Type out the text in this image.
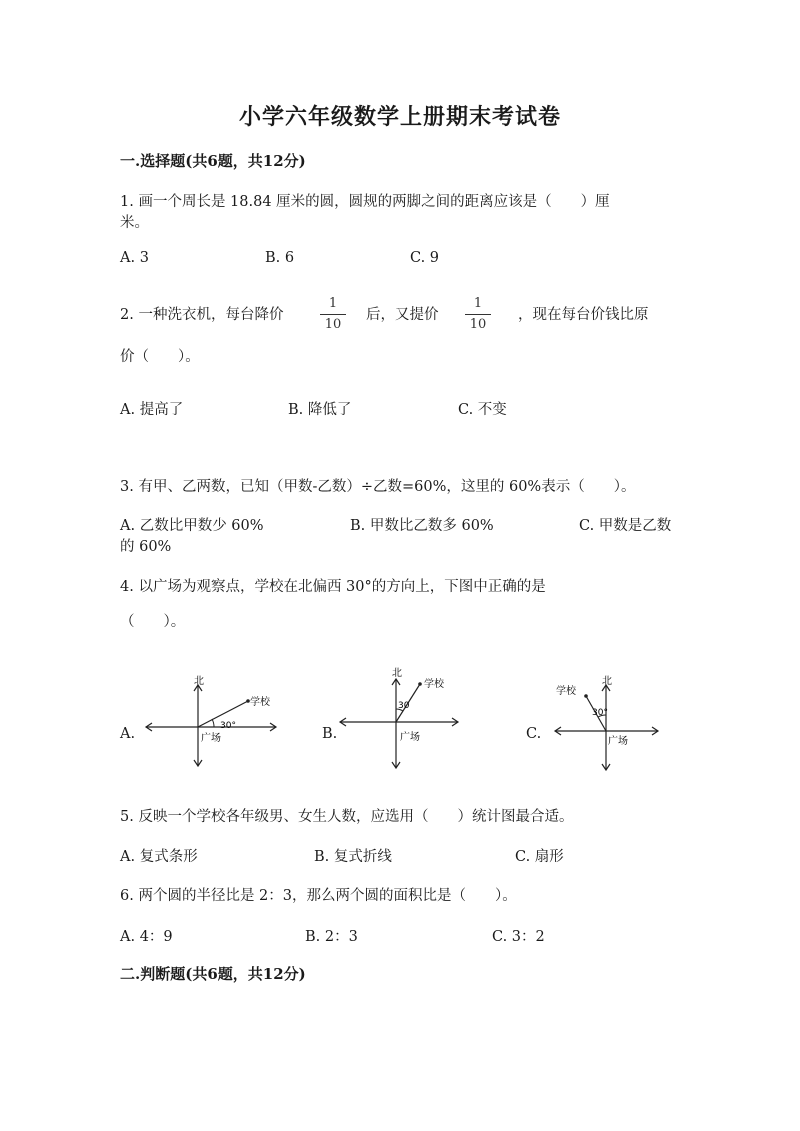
小学六年级数学上册期末考试卷
一.选择题(共6题，共12分)
1. 画一个周长是 18.84 厘米的圆，圆规的两脚之间的距离应该是（　　）厘
米。
A. 3	B. 6	C. 9
2. 一种洗衣机，每台降价
1
10
后，又提价
1
10
，现在每台价钱比原
价（　　）。
A. 提高了	B. 降低了	C. 不变
3. 有甲、乙两数，已知（甲数-乙数）÷乙数=60%，这里的 60%表示（　　）。
A. 乙数比甲数少 60%	B. 甲数比乙数多 60%	C. 甲数是乙数
的 60%
4. 以广场为观察点，学校在北偏西 30°的方向上，下图中正确的是
（　　）。
A.	B.	C.
北
学校
30°
广场
北
学校
30
广场
学校
北
30°
广场
5. 反映一个学校各年级男、女生人数，应选用（　　）统计图最合适。
A. 复式条形	B. 复式折线	C. 扇形
6. 两个圆的半径比是 2：3，那么两个圆的面积比是（　　）。
A. 4：9	B. 2：3	C. 3：2
二.判断题(共6题，共12分)
